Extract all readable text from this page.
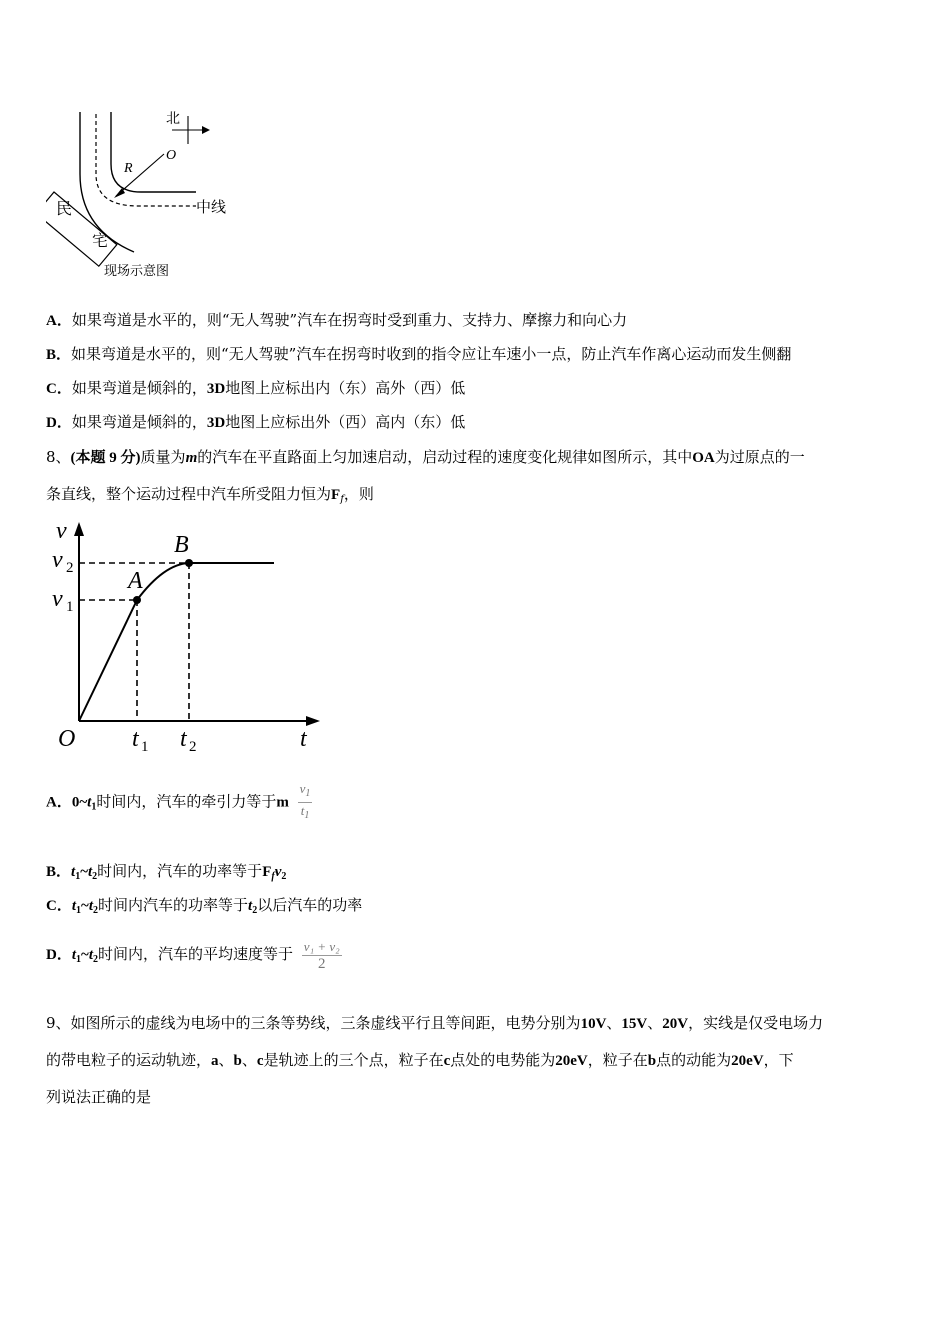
R
O
北
中线
民
宅
现场示意图
A．如果弯道是水平的，则“无人驾驶”汽车在拐弯时受到重力、支持力、摩擦力和向心力
B．如果弯道是水平的，则“无人驾驶”汽车在拐弯时收到的指令应让车速小一点，防止汽车作离心运动而发生侧翻
C．如果弯道是倾斜的，3D地图上应标出内（东）高外（西）低
D．如果弯道是倾斜的，3D地图上应标出外（西）高内（东）低
8、(本题 9 分)质量为m的汽车在平直路面上匀加速启动，启动过程的速度变化规律如图所示，其中OA为过原点的一
条直线，整个运动过程中汽车所受阻力恒为$F_f$，则
v
t
O
v 2
v 1
t 1 t 2
A
B
A．$0\sim t_1$时间内，汽车的牵引力等于m $\frac{v_1}{t_1}$
B．$t_1\sim t_2$时间内，汽车的功率等于$F_fv_2$
C．$t_1\sim t_2$时间内汽车的功率等于$t_2$以后汽车的功率
D．$t_1\sim t_2$时间内，汽车的平均速度等于 $\frac{\text{v₁ + v₂}}{2}$
9、如图所示的虚线为电场中的三条等势线，三条虚线平行且等间距，电势分别为10V、15V、20V，实线是仅受电场力
的带电粒子的运动轨迹，a、b、c是轨迹上的三个点，粒子在c点处的电势能为20eV，粒子在b点的动能为20eV，下
列说法正确的是
